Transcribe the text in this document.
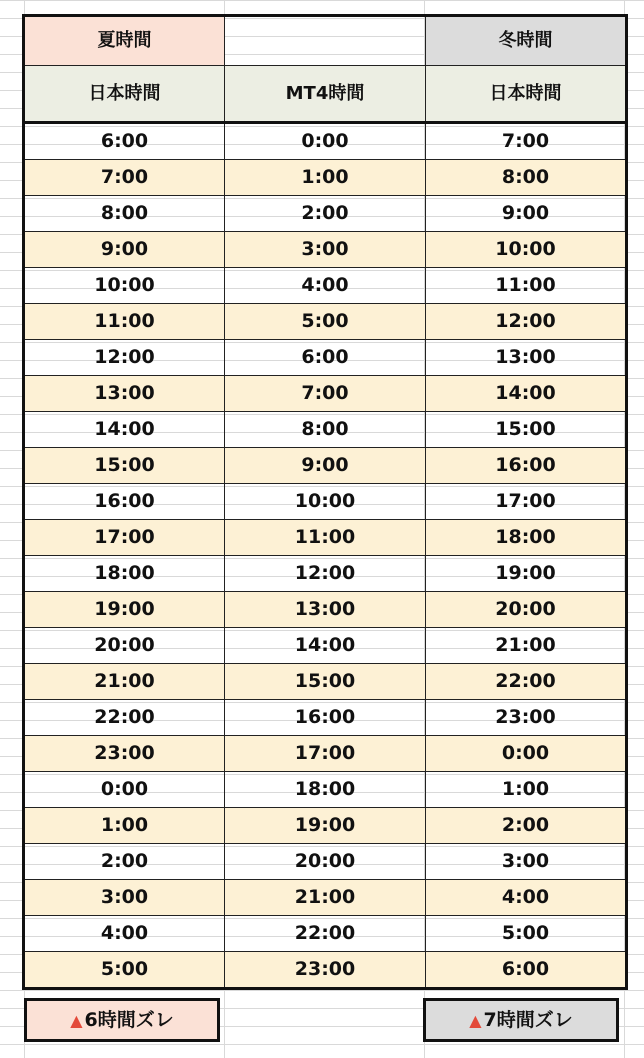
夏時間		冬時間
日本時間	MT4時間	日本時間
6:00	0:00	7:00
7:00	1:00	8:00
8:00	2:00	9:00
9:00	3:00	10:00
10:00	4:00	11:00
11:00	5:00	12:00
12:00	6:00	13:00
13:00	7:00	14:00
14:00	8:00	15:00
15:00	9:00	16:00
16:00	10:00	17:00
17:00	11:00	18:00
18:00	12:00	19:00
19:00	13:00	20:00
20:00	14:00	21:00
21:00	15:00	22:00
22:00	16:00	23:00
23:00	17:00	0:00
0:00	18:00	1:00
1:00	19:00	2:00
2:00	20:00	3:00
3:00	21:00	4:00
4:00	22:00	5:00
5:00	23:00	6:00
▲ 6時間ズレ	▲ 7時間ズレ
